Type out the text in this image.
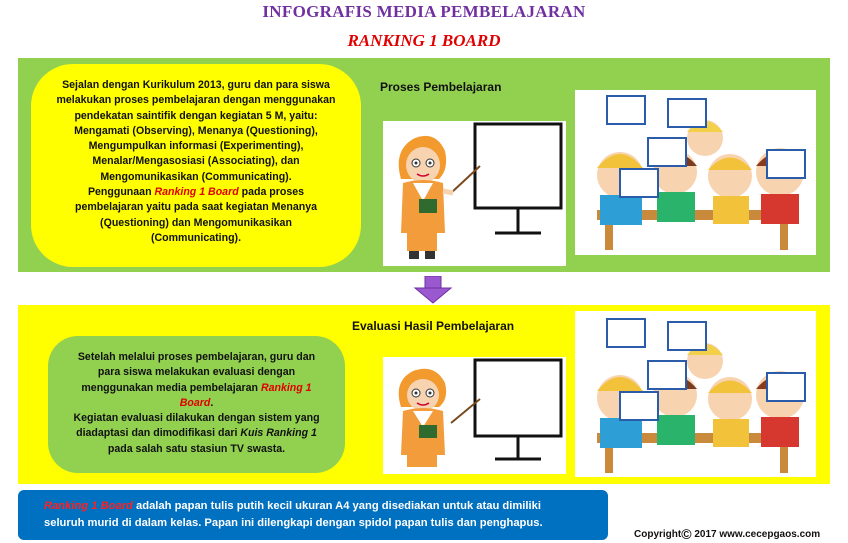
INFOGRAFIS MEDIA PEMBELAJARAN
RANKING 1 BOARD
Sejalan dengan Kurikulum 2013, guru dan para siswa
melakukan proses pembelajaran dengan menggunakan
pendekatan saintifik dengan kegiatan 5 M, yaitu:
Mengamati (Observing), Menanya (Questioning),
Mengumpulkan informasi (Experimenting),
Menalar/Mengasosiasi (Associating), dan
Mengomunikasikan (Communicating).
Penggunaan Ranking 1 Board pada proses
pembelajaran yaitu pada saat kegiatan Menanya
(Questioning) dan Mengomunikasikan
(Communicating).
Proses Pembelajaran
Evaluasi Hasil Pembelajaran
Setelah melalui proses pembelajaran, guru dan
para siswa melakukan evaluasi dengan
menggunakan media pembelajaran Ranking 1
Board.
Kegiatan evaluasi dilakukan dengan sistem yang
diadaptasi dan dimodifikasi dari Kuis Ranking 1
pada salah satu stasiun TV swasta.
Ranking 1 Board adalah papan tulis putih kecil ukuran A4 yang disediakan untuk atau dimiliki
seluruh murid di dalam kelas. Papan ini dilengkapi dengan spidol papan tulis dan penghapus.
Copyright© 2017 www.cecepgaos.com
